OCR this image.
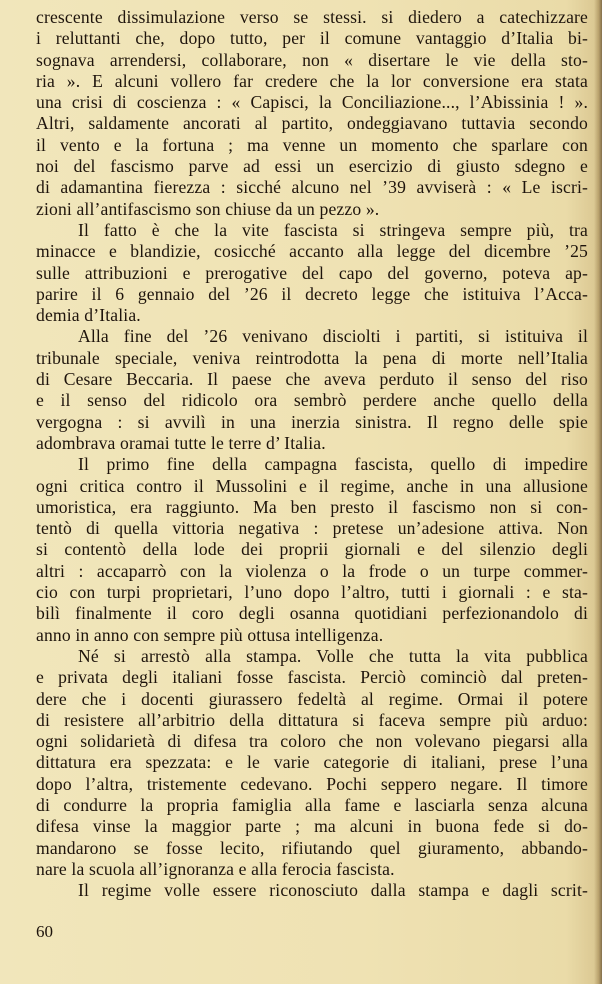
crescente dissimulazione verso se stessi. si diedero a catechizzare
i reluttanti che, dopo tutto, per il comune vantaggio d’Italia bi-
sognava arrendersi, collaborare, non « disertare le vie della sto-
ria ». E alcuni vollero far credere che la lor conversione era stata
una crisi di coscienza : « Capisci, la Conciliazione..., l’Abissinia ! ».
Altri, saldamente ancorati al partito, ondeggiavano tuttavia secondo
il vento e la fortuna ; ma venne un momento che sparlare con
noi del fascismo parve ad essi un esercizio di giusto sdegno e
di adamantina fierezza : sicché alcuno nel ’39 avviserà : « Le iscri-
zioni all’antifascismo son chiuse da un pezzo ».
Il fatto è che la vite fascista si stringeva sempre più, tra
minacce e blandizie, cosicché accanto alla legge del dicembre ’25
sulle attribuzioni e prerogative del capo del governo, poteva ap-
parire il 6 gennaio del ’26 il decreto legge che istituiva l’Acca-
demia d’Italia.
Alla fine del ’26 venivano disciolti i partiti, si istituiva il
tribunale speciale, veniva reintrodotta la pena di morte nell’Italia
di Cesare Beccaria. Il paese che aveva perduto il senso del riso
e il senso del ridicolo ora sembrò perdere anche quello della
vergogna : si avvilì in una inerzia sinistra. Il regno delle spie
adombrava oramai tutte le terre d’ Italia.
Il primo fine della campagna fascista, quello di impedire
ogni critica contro il Mussolini e il regime, anche in una allusione
umoristica, era raggiunto. Ma ben presto il fascismo non si con-
tentò di quella vittoria negativa : pretese un’adesione attiva. Non
si contentò della lode dei proprii giornali e del silenzio degli
altri : accaparrò con la violenza o la frode o un turpe commer-
cio con turpi proprietari, l’uno dopo l’altro, tutti i giornali : e sta-
bilì finalmente il coro degli osanna quotidiani perfezionandolo di
anno in anno con sempre più ottusa intelligenza.
Né si arrestò alla stampa. Volle che tutta la vita pubblica
e privata degli italiani fosse fascista. Perciò cominciò dal preten-
dere che i docenti giurassero fedeltà al regime. Ormai il potere
di resistere all’arbitrio della dittatura si faceva sempre più arduo:
ogni solidarietà di difesa tra coloro che non volevano piegarsi alla
dittatura era spezzata: e le varie categorie di italiani, prese l’una
dopo l’altra, tristemente cedevano. Pochi seppero negare. Il timore
di condurre la propria famiglia alla fame e lasciarla senza alcuna
difesa vinse la maggior parte ; ma alcuni in buona fede si do-
mandarono se fosse lecito, rifiutando quel giuramento, abbando-
nare la scuola all’ignoranza e alla ferocia fascista.
Il regime volle essere riconosciuto dalla stampa e dagli scrit-
60
